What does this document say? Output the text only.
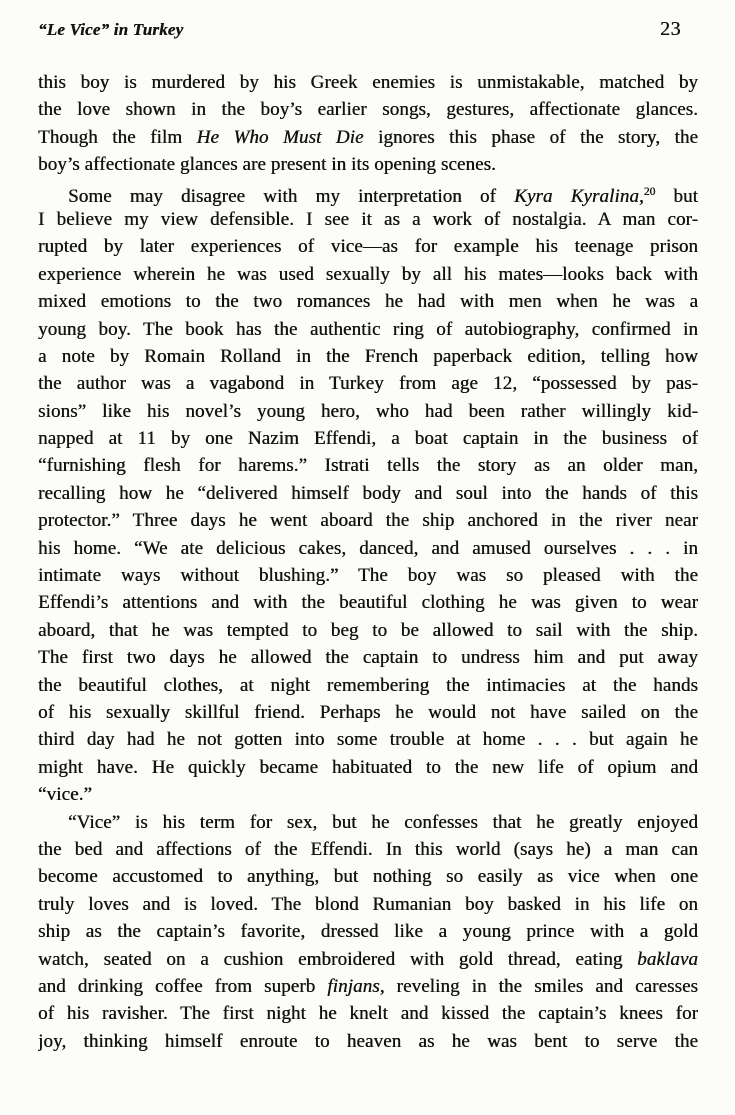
“Le Vice” in Turkey	23
this boy is murdered by his Greek enemies is unmistakable, matched by
the love shown in the boy’s earlier songs, gestures, affectionate glances.
Though the film He Who Must Die ignores this phase of the story, the
boy’s affectionate glances are present in its opening scenes.
Some may disagree with my interpretation of Kyra Kyralina,$^{20}$ but
I believe my view defensible. I see it as a work of nostalgia. A man cor-
rupted by later experiences of vice—as for example his teenage prison
experience wherein he was used sexually by all his mates—looks back with
mixed emotions to the two romances he had with men when he was a
young boy. The book has the authentic ring of autobiography, confirmed in
a note by Romain Rolland in the French paperback edition, telling how
the author was a vagabond in Turkey from age 12, “possessed by pas-
sions” like his novel’s young hero, who had been rather willingly kid-
napped at 11 by one Nazim Effendi, a boat captain in the business of
“furnishing flesh for harems.” Istrati tells the story as an older man,
recalling how he “delivered himself body and soul into the hands of this
protector.” Three days he went aboard the ship anchored in the river near
his home. “We ate delicious cakes, danced, and amused ourselves . . . in
intimate ways without blushing.” The boy was so pleased with the
Effendi’s attentions and with the beautiful clothing he was given to wear
aboard, that he was tempted to beg to be allowed to sail with the ship.
The first two days he allowed the captain to undress him and put away
the beautiful clothes, at night remembering the intimacies at the hands
of his sexually skillful friend. Perhaps he would not have sailed on the
third day had he not gotten into some trouble at home . . . but again he
might have. He quickly became habituated to the new life of opium and
“vice.”
“Vice” is his term for sex, but he confesses that he greatly enjoyed
the bed and affections of the Effendi. In this world (says he) a man can
become accustomed to anything, but nothing so easily as vice when one
truly loves and is loved. The blond Rumanian boy basked in his life on
ship as the captain’s favorite, dressed like a young prince with a gold
watch, seated on a cushion embroidered with gold thread, eating baklava
and drinking coffee from superb finjans, reveling in the smiles and caresses
of his ravisher. The first night he knelt and kissed the captain’s knees for
joy, thinking himself enroute to heaven as he was bent to serve the
